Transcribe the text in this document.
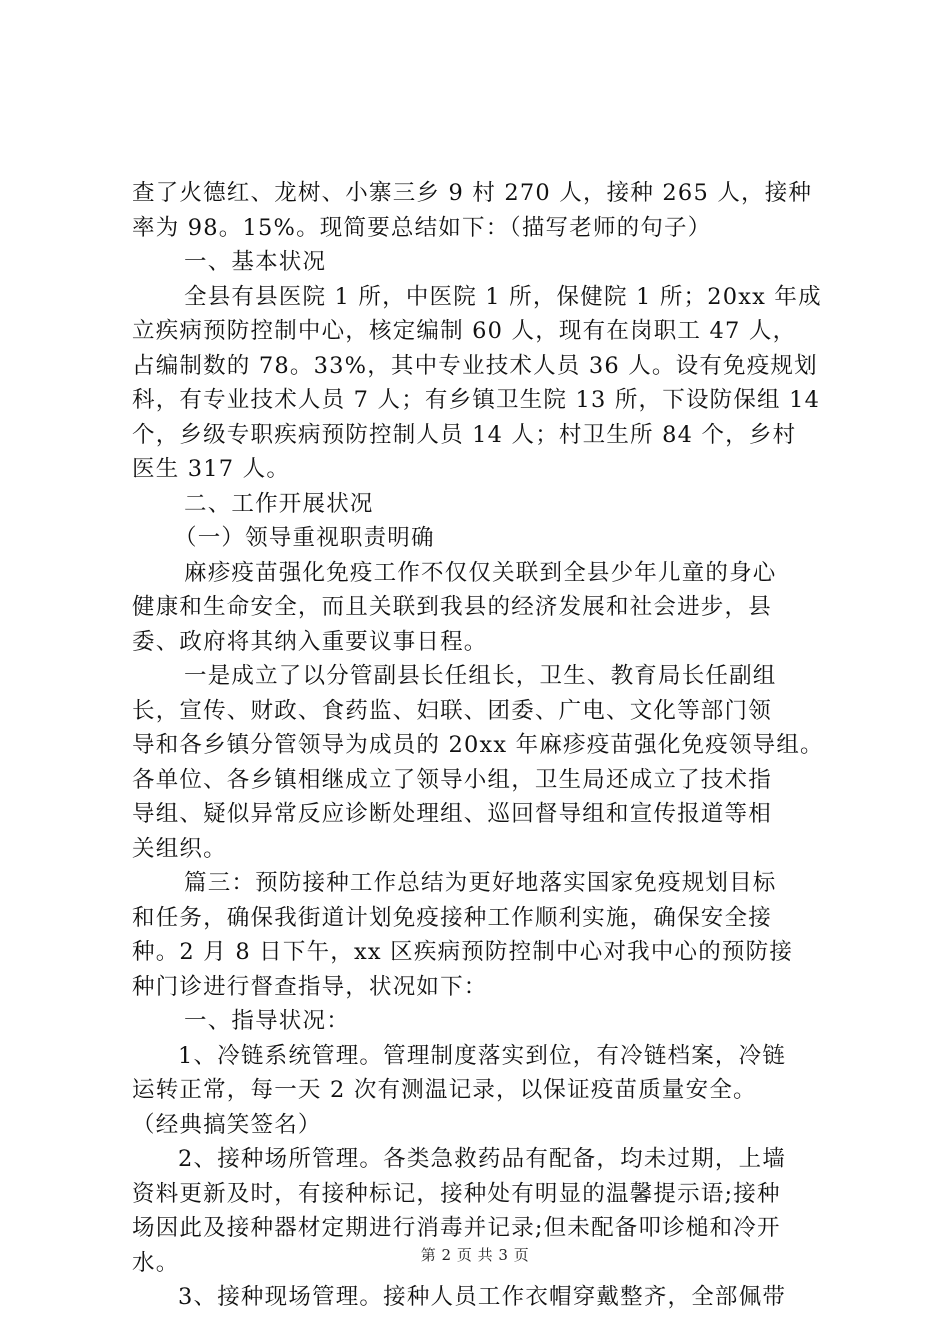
查了火德红、龙树、小寨三乡 9 村 270 人，接种 265 人，接种
率为 98。15%。现简要总结如下：（描写老师的句子）
一、基本状况
全县有县医院 1 所，中医院 1 所，保健院 1 所；20xx 年成
立疾病预防控制中心，核定编制 60 人，现有在岗职工 47 人，
占编制数的 78。33%，其中专业技术人员 36 人。设有免疫规划
科，有专业技术人员 7 人；有乡镇卫生院 13 所，下设防保组 14
个，乡级专职疾病预防控制人员 14 人；村卫生所 84 个，乡村
医生 317 人。
二、工作开展状况
（一）领导重视职责明确
麻疹疫苗强化免疫工作不仅仅关联到全县少年儿童的身心
健康和生命安全，而且关联到我县的经济发展和社会进步，县
委、政府将其纳入重要议事日程。
一是成立了以分管副县长任组长，卫生、教育局长任副组
长，宣传、财政、食药监、妇联、团委、广电、文化等部门领
导和各乡镇分管领导为成员的 20xx 年麻疹疫苗强化免疫领导组。
各单位、各乡镇相继成立了领导小组，卫生局还成立了技术指
导组、疑似异常反应诊断处理组、巡回督导组和宣传报道等相
关组织。
篇三：预防接种工作总结为更好地落实国家免疫规划目标
和任务，确保我街道计划免疫接种工作顺利实施，确保安全接
种。2 月 8 日下午，xx 区疾病预防控制中心对我中心的预防接
种门诊进行督查指导，状况如下：
一、指导状况：
1、冷链系统管理。管理制度落实到位，有冷链档案，冷链
运转正常，每一天 2 次有测温记录，以保证疫苗质量安全。
（经典搞笑签名）
2、接种场所管理。各类急救药品有配备，均未过期，上墙
资料更新及时，有接种标记，接种处有明显的温馨提示语;接种
场因此及接种器材定期进行消毒并记录;但未配备叩诊槌和冷开
水。
3、接种现场管理。接种人员工作衣帽穿戴整齐，全部佩带
第 2 页 共 3 页
